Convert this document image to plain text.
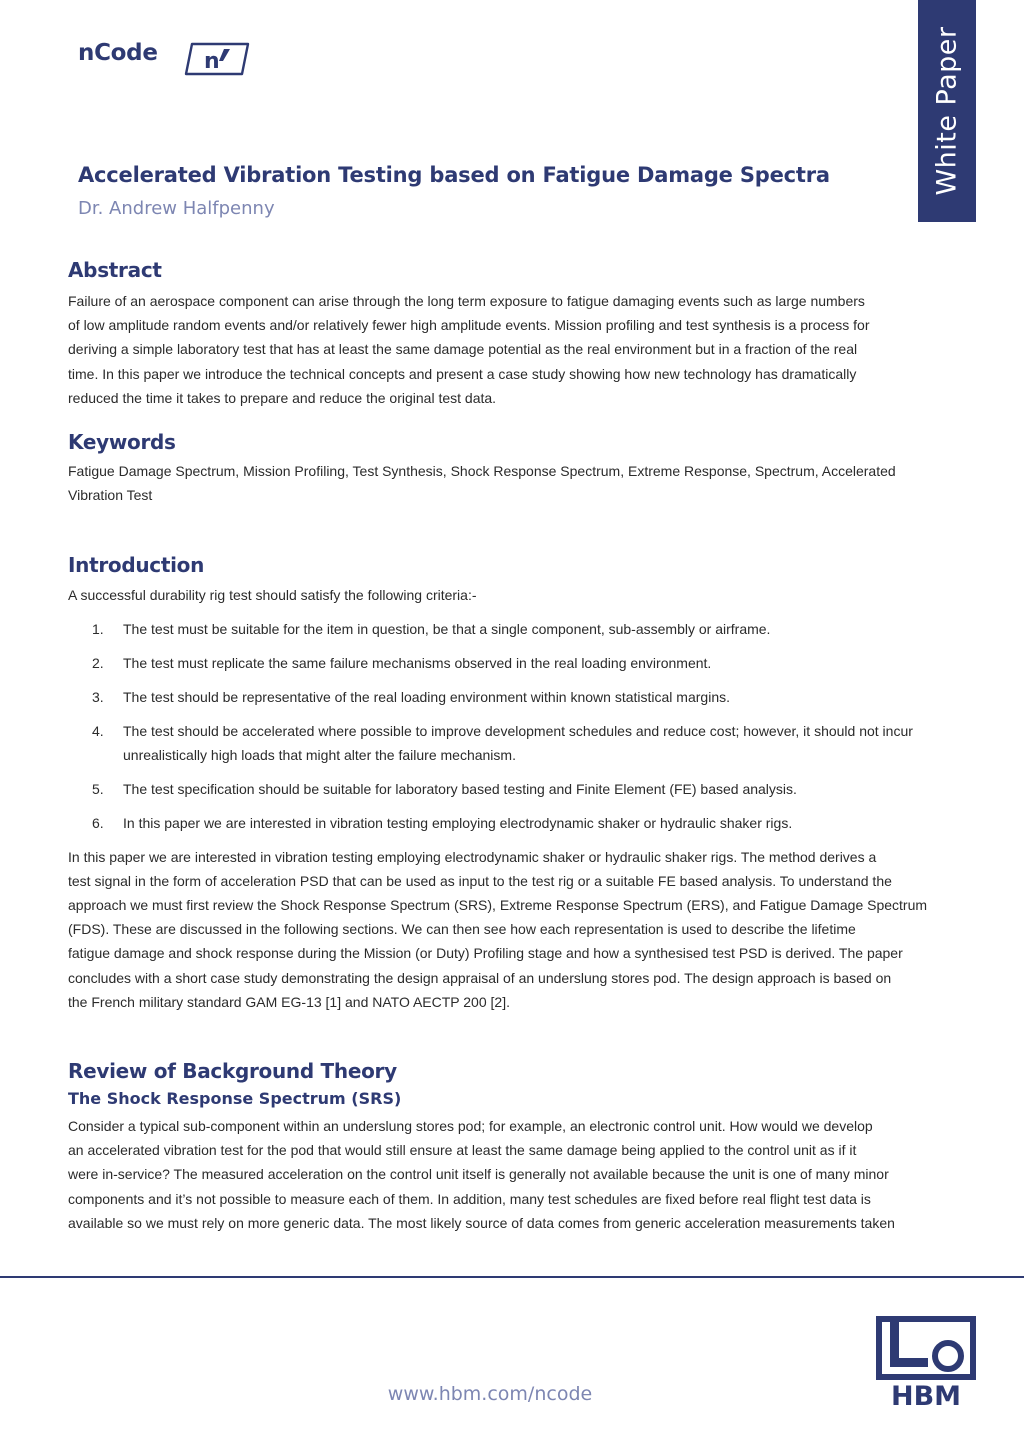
nCode n	White Paper
Accelerated Vibration Testing based on Fatigue Damage Spectra
Dr. Andrew Halfpenny
Abstract

Failure of an aerospace component can arise through the long term exposure to fatigue damaging events such as large numbers

of low amplitude random events and/or relatively fewer high amplitude events. Mission profiling and test synthesis is a process for

deriving a simple laboratory test that has at least the same damage potential as the real environment but in a fraction of the real

time. In this paper we introduce the technical concepts and present a case study showing how new technology has dramatically

reduced the time it takes to prepare and reduce the original test data.

Keywords

Fatigue Damage Spectrum, Mission Profiling, Test Synthesis, Shock Response Spectrum, Extreme Response, Spectrum, Accelerated

Vibration Test

Introduction

A successful durability rig test should satisfy the following criteria:-

1. The test must be suitable for the item in question, be that a single component, sub-assembly or airframe.
2. The test must replicate the same failure mechanisms observed in the real loading environment.
3. The test should be representative of the real loading environment within known statistical margins.
4. The test should be accelerated where possible to improve development schedules and reduce cost; however, it should not incur
unrealistically high loads that might alter the failure mechanism.
5. The test specification should be suitable for laboratory based testing and Finite Element (FE) based analysis.
6. In this paper we are interested in vibration testing employing electrodynamic shaker or hydraulic shaker rigs.

In this paper we are interested in vibration testing employing electrodynamic shaker or hydraulic shaker rigs. The method derives a

test signal in the form of acceleration PSD that can be used as input to the test rig or a suitable FE based analysis. To understand the

approach we must first review the Shock Response Spectrum (SRS), Extreme Response Spectrum (ERS), and Fatigue Damage Spectrum

(FDS). These are discussed in the following sections. We can then see how each representation is used to describe the lifetime

fatigue damage and shock response during the Mission (or Duty) Profiling stage and how a synthesised test PSD is derived. The paper

concludes with a short case study demonstrating the design appraisal of an underslung stores pod. The design approach is based on

the French military standard GAM EG-13 [1] and NATO AECTP 200 [2].

Review of Background Theory
The Shock Response Spectrum (SRS)

Consider a typical sub-component within an underslung stores pod; for example, an electronic control unit. How would we develop

an accelerated vibration test for the pod that would still ensure at least the same damage being applied to the control unit as if it

were in-service? The measured acceleration on the control unit itself is generally not available because the unit is one of many minor

components and it’s not possible to measure each of them. In addition, many test schedules are fixed before real flight test data is

available so we must rely on more generic data. The most likely source of data comes from generic acceleration measurements taken

www.hbm.com/ncode	HBM
